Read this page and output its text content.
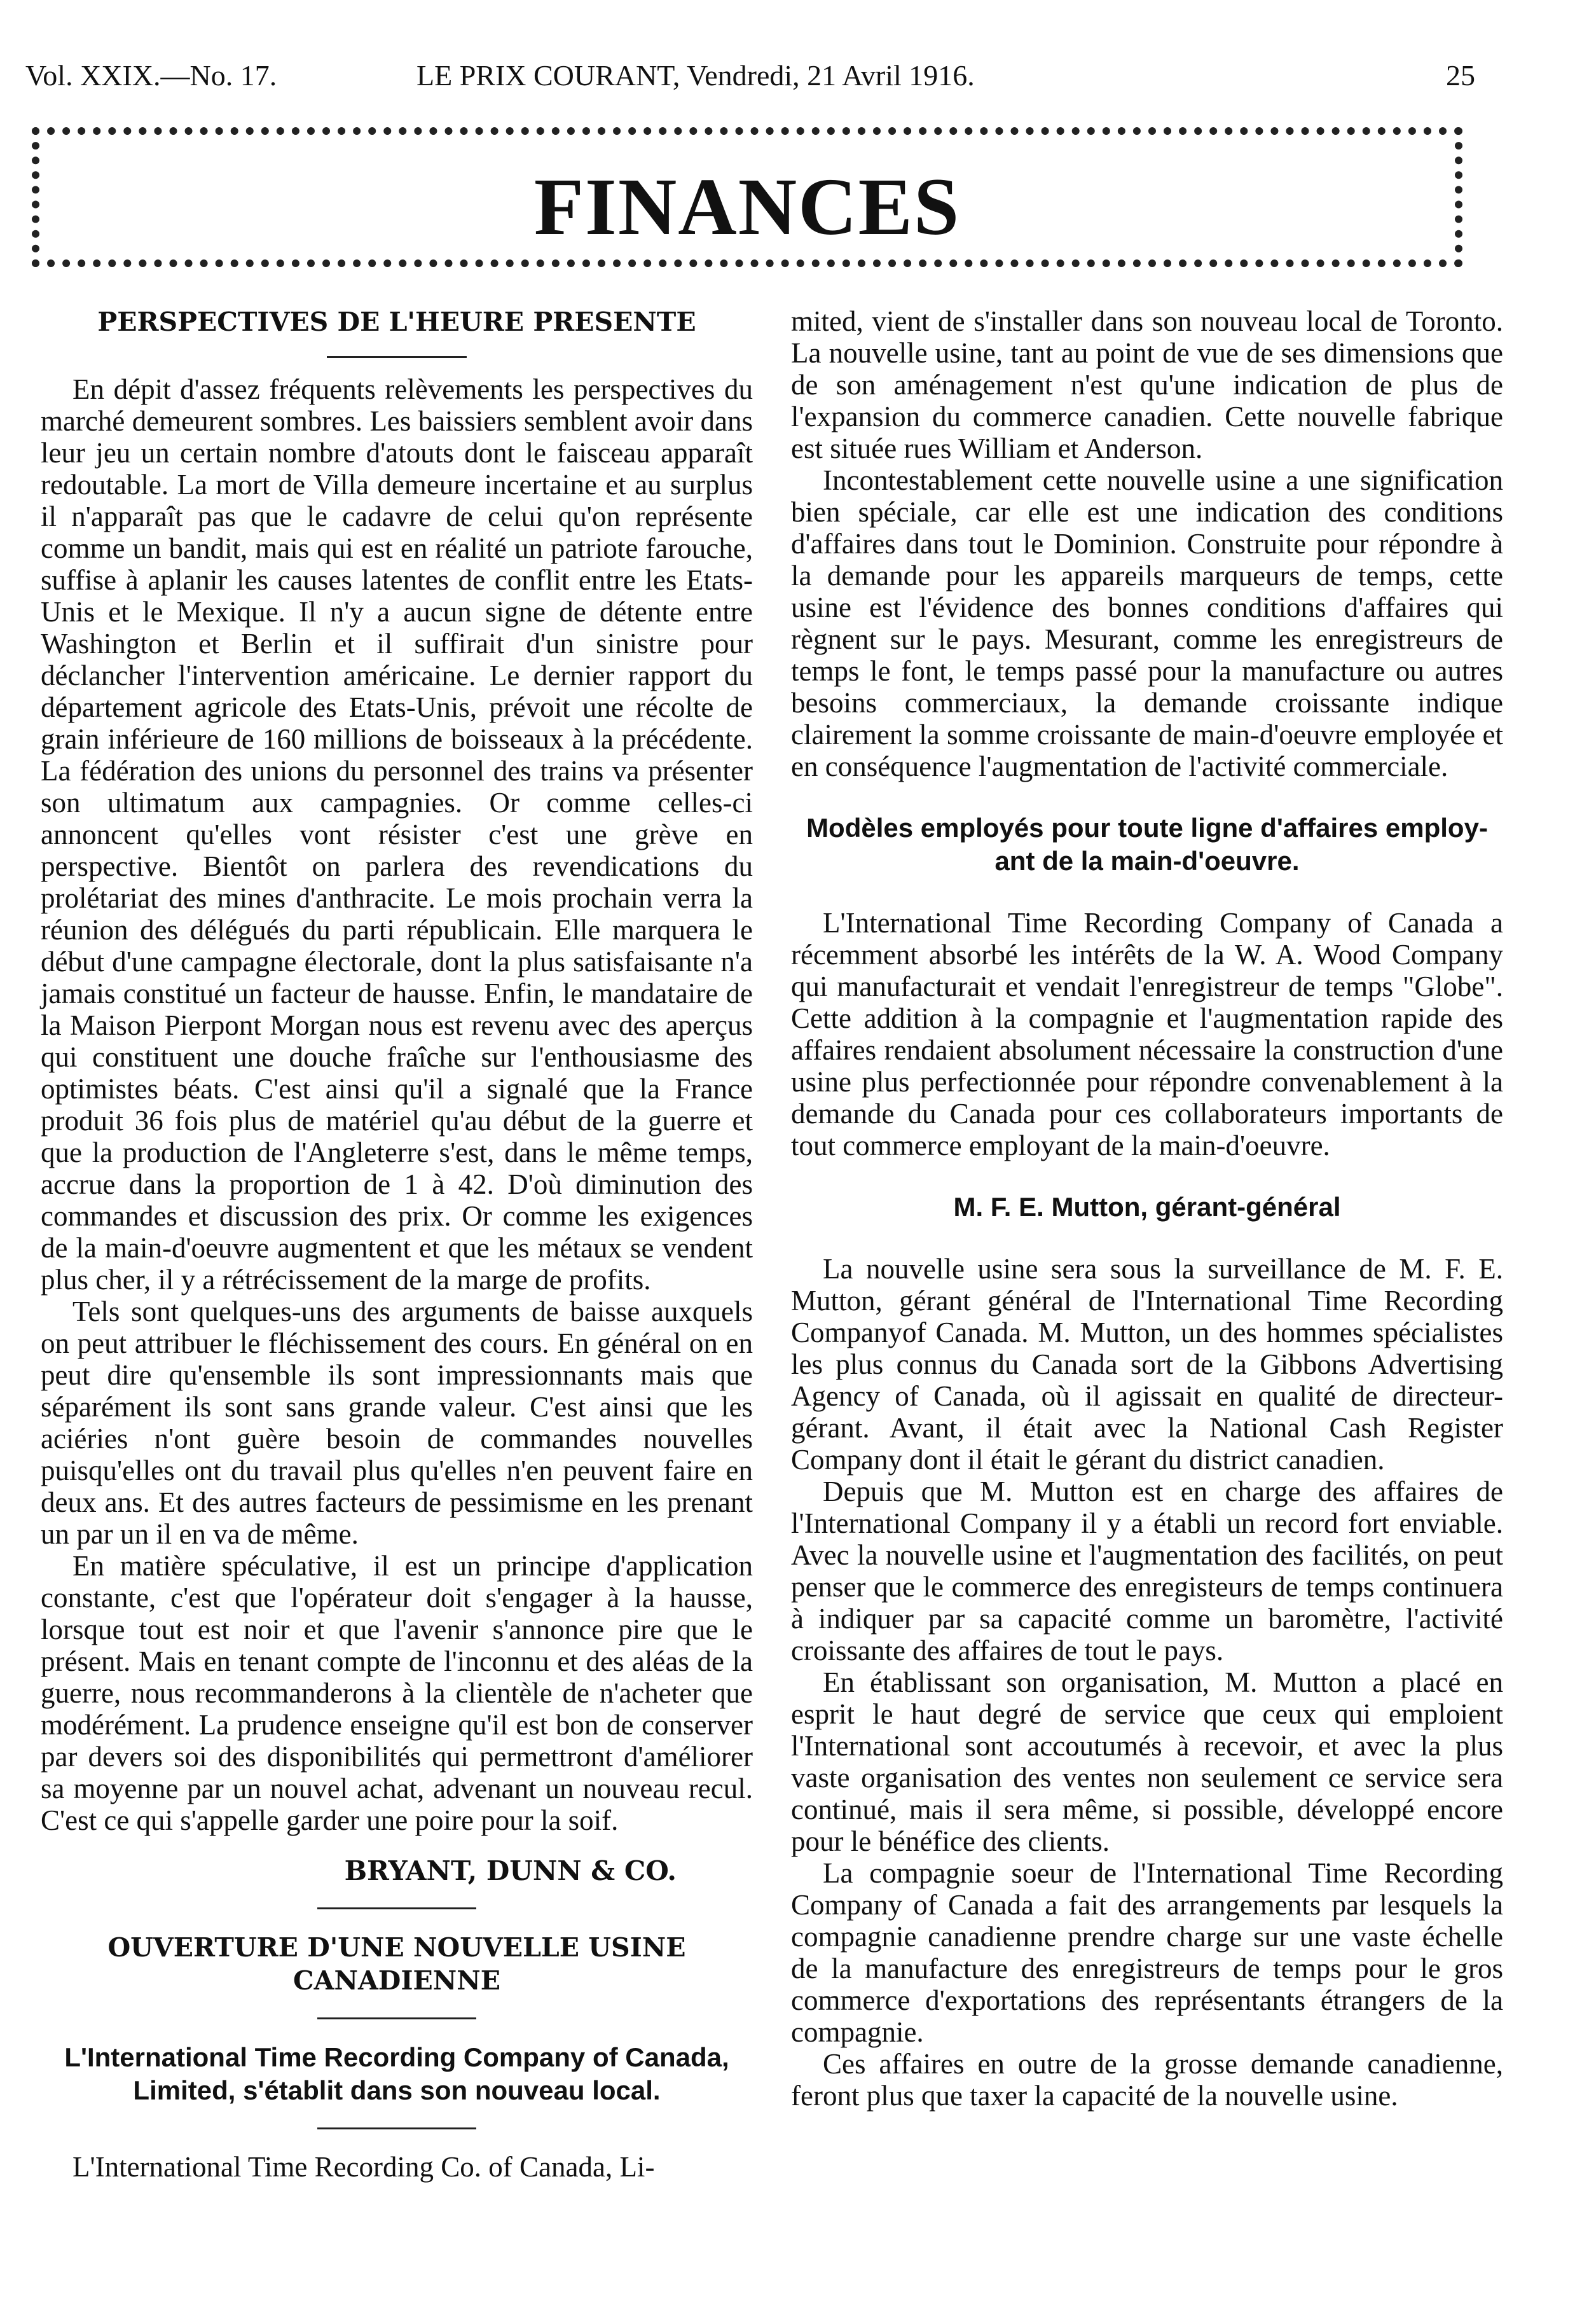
Vol. XXIX.—No. 17.	LE PRIX COURANT, Vendredi, 21 Avril 1916.	25
FINANCES
PERSPECTIVES DE L'HEURE PRESENTE

En dépit d'assez fréquents relèvements les perspectives du marché demeurent sombres. Les baissiers semblent avoir dans leur jeu un certain nombre d'atouts dont le faisceau apparaît redoutable. La mort de Villa demeure incertaine et au surplus il n'apparaît pas que le cadavre de celui qu'on représente comme un bandit, mais qui est en réalité un patriote farouche, suffise à aplanir les causes latentes de conflit entre les Etats-Unis et le Mexique. Il n'y a aucun signe de détente entre Washington et Berlin et il suffirait d'un sinistre pour déclancher l'intervention américaine. Le dernier rapport du département agricole des Etats-Unis, prévoit une récolte de grain inférieure de 160 millions de boisseaux à la précédente. La fédération des unions du personnel des trains va présenter son ultimatum aux campagnies. Or comme celles-ci annoncent qu'elles vont résister c'est une grève en perspective. Bientôt on parlera des revendications du prolétariat des mines d'anthracite. Le mois prochain verra la réunion des délégués du parti républicain. Elle marquera le début d'une campagne électorale, dont la plus satisfaisante n'a jamais constitué un facteur de hausse. Enfin, le mandataire de la Maison Pierpont Morgan nous est revenu avec des aperçus qui constituent une douche fraîche sur l'enthousiasme des optimistes béats. C'est ainsi qu'il a signalé que la France produit 36 fois plus de matériel qu'au début de la guerre et que la production de l'Angleterre s'est, dans le même temps, accrue dans la proportion de 1 à 42. D'où diminution des commandes et discussion des prix. Or comme les exigences de la main-d'oeuvre augmentent et que les métaux se vendent plus cher, il y a rétrécissement de la marge de profits.

Tels sont quelques-uns des arguments de baisse auxquels on peut attribuer le fléchissement des cours. En général on en peut dire qu'ensemble ils sont impressionnants mais que séparément ils sont sans grande valeur. C'est ainsi que les aciéries n'ont guère besoin de commandes nouvelles puisqu'elles ont du travail plus qu'elles n'en peuvent faire en deux ans. Et des autres facteurs de pessimisme en les prenant un par un il en va de même.

En matière spéculative, il est un principe d'application constante, c'est que l'opérateur doit s'engager à la hausse, lorsque tout est noir et que l'avenir s'annonce pire que le présent. Mais en tenant compte de l'inconnu et des aléas de la guerre, nous recommanderons à la clientèle de n'acheter que modérément. La prudence enseigne qu'il est bon de conserver par devers soi des disponibilités qui permettront d'améliorer sa moyenne par un nouvel achat, advenant un nouveau recul. C'est ce qui s'appelle garder une poire pour la soif.

BRYANT, DUNN & CO.
OUVERTURE D'UNE NOUVELLE USINE
CANADIENNE
L'International Time Recording Company of Canada,
Limited, s'établit dans son nouveau local.

L'International Time Recording Co. of Canada, Li-

mited, vient de s'installer dans son nouveau local de Toronto. La nouvelle usine, tant au point de vue de ses dimensions que de son aménagement n'est qu'une indication de plus de l'expansion du commerce canadien. Cette nouvelle fabrique est située rues William et Anderson.

Incontestablement cette nouvelle usine a une signification bien spéciale, car elle est une indication des conditions d'affaires dans tout le Dominion. Construite pour répondre à la demande pour les appareils marqueurs de temps, cette usine est l'évidence des bonnes conditions d'affaires qui règnent sur le pays. Mesurant, comme les enregistreurs de temps le font, le temps passé pour la manufacture ou autres besoins commerciaux, la demande croissante indique clairement la somme croissante de main-d'oeuvre employée et en conséquence l'augmentation de l'activité commerciale.

Modèles employés pour toute ligne d'affaires employ-
ant de la main-d'oeuvre.

L'International Time Recording Company of Canada a récemment absorbé les intérêts de la W. A. Wood Company qui manufacturait et vendait l'enregistreur de temps "Globe". Cette addition à la compagnie et l'augmentation rapide des affaires rendaient absolument nécessaire la construction d'une usine plus perfectionnée pour répondre convenablement à la demande du Canada pour ces collaborateurs importants de tout commerce employant de la main-d'oeuvre.

M. F. E. Mutton, gérant-général

La nouvelle usine sera sous la surveillance de M. F. E. Mutton, gérant général de l'International Time Recording Companyof Canada. M. Mutton, un des hommes spécialistes les plus connus du Canada sort de la Gibbons Advertising Agency of Canada, où il agissait en qualité de directeur-gérant. Avant, il était avec la National Cash Register Company dont il était le gérant du district canadien.

Depuis que M. Mutton est en charge des affaires de l'International Company il y a établi un record fort enviable. Avec la nouvelle usine et l'augmentation des facilités, on peut penser que le commerce des enregisteurs de temps continuera à indiquer par sa capacité comme un baromètre, l'activité croissante des affaires de tout le pays.

En établissant son organisation, M. Mutton a placé en esprit le haut degré de service que ceux qui emploient l'International sont accoutumés à recevoir, et avec la plus vaste organisation des ventes non seulement ce service sera continué, mais il sera même, si possible, développé encore pour le bénéfice des clients.

La compagnie soeur de l'International Time Recording Company of Canada a fait des arrangements par lesquels la compagnie canadienne prendre charge sur une vaste échelle de la manufacture des enregistreurs de temps pour le gros commerce d'exportations des représentants étrangers de la compagnie.

Ces affaires en outre de la grosse demande canadienne, feront plus que taxer la capacité de la nouvelle usine.
